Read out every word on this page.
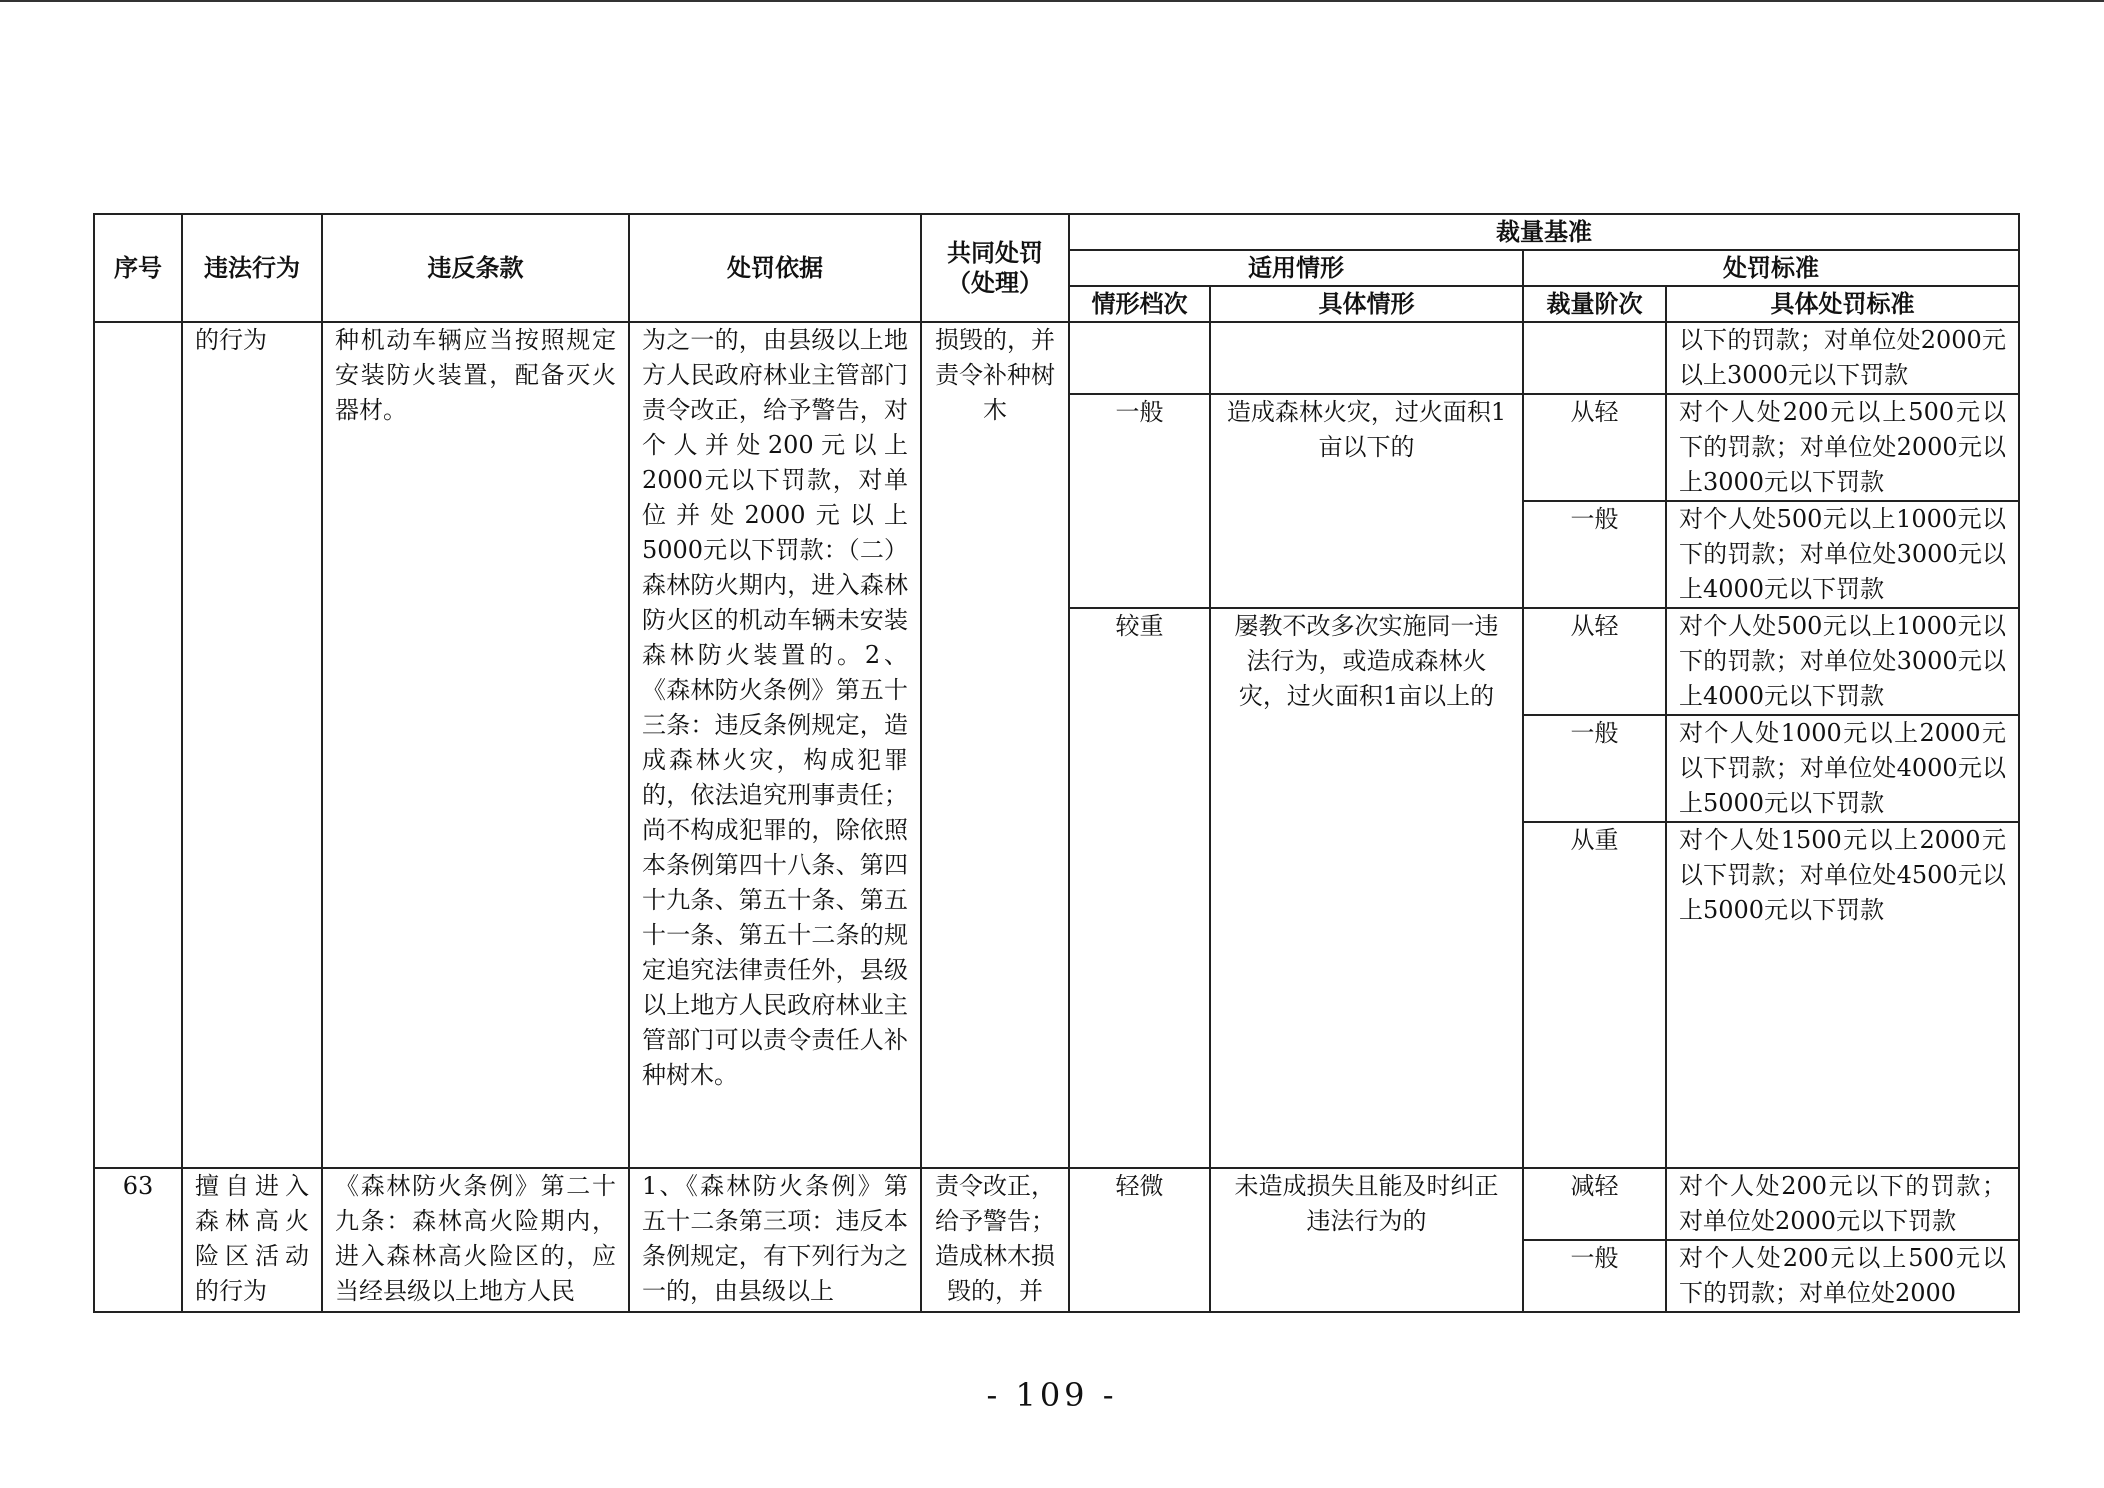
序号	违法行为	违反条款	处罚依据	共同处罚（处理）	裁量基准			
					适用情形		处罚标准	
					情形档次	具体情形	裁量阶次	具体处罚标准
	的行为	种机动车辆应当按照规定安装防火装置，配备灭火器材。	为之一的，由县级以上地方人民政府林业主管部门责令改正，给予警告，对个人并处200元以上2000元以下罚款，对单位并处2000元以上5000元以下罚款：（二）森林防火期内，进入森林防火区的机动车辆未安装森林防火装置的。2、《森林防火条例》第五十三条：违反条例规定，造成森林火灾，构成犯罪的，依法追究刑事责任；尚不构成犯罪的，除依照本条例第四十八条、第四十九条、第五十条、第五十一条、第五十二条的规定追究法律责任外，县级以上地方人民政府林业主管部门可以责令责任人补种树木。	损毁的，并责令补种树木				以下的罚款；对单位处2000元以上3000元以下罚款
					一般	造成森林火灾，过火面积1亩以下的	从轻	对个人处200元以上500元以下的罚款；对单位处2000元以上3000元以下罚款
							一般	对个人处500元以上1000元以下的罚款；对单位处3000元以上4000元以下罚款
					较重	屡教不改多次实施同一违法行为，或造成森林火灾，过火面积1亩以上的	从轻	对个人处500元以上1000元以下的罚款；对单位处3000元以上4000元以下罚款
							一般	对个人处1000元以上2000元以下罚款；对单位处4000元以上5000元以下罚款
							从重	对个人处1500元以上2000元以下罚款；对单位处4500元以上5000元以下罚款
63	擅自进入森林高火险区活动的行为	《森林防火条例》第二十九条：森林高火险期内，进入森林高火险区的，应当经县级以上地方人民	1、《森林防火条例》第五十二条第三项：违反本条例规定，有下列行为之一的，由县级以上	责令改正，给予警告；造成林木损毁的，并	轻微	未造成损失且能及时纠正违法行为的	减轻	对个人处200元以下的罚款；对单位处2000元以下罚款
							一般	对个人处200元以上500元以下的罚款；对单位处2000
- 109 -
